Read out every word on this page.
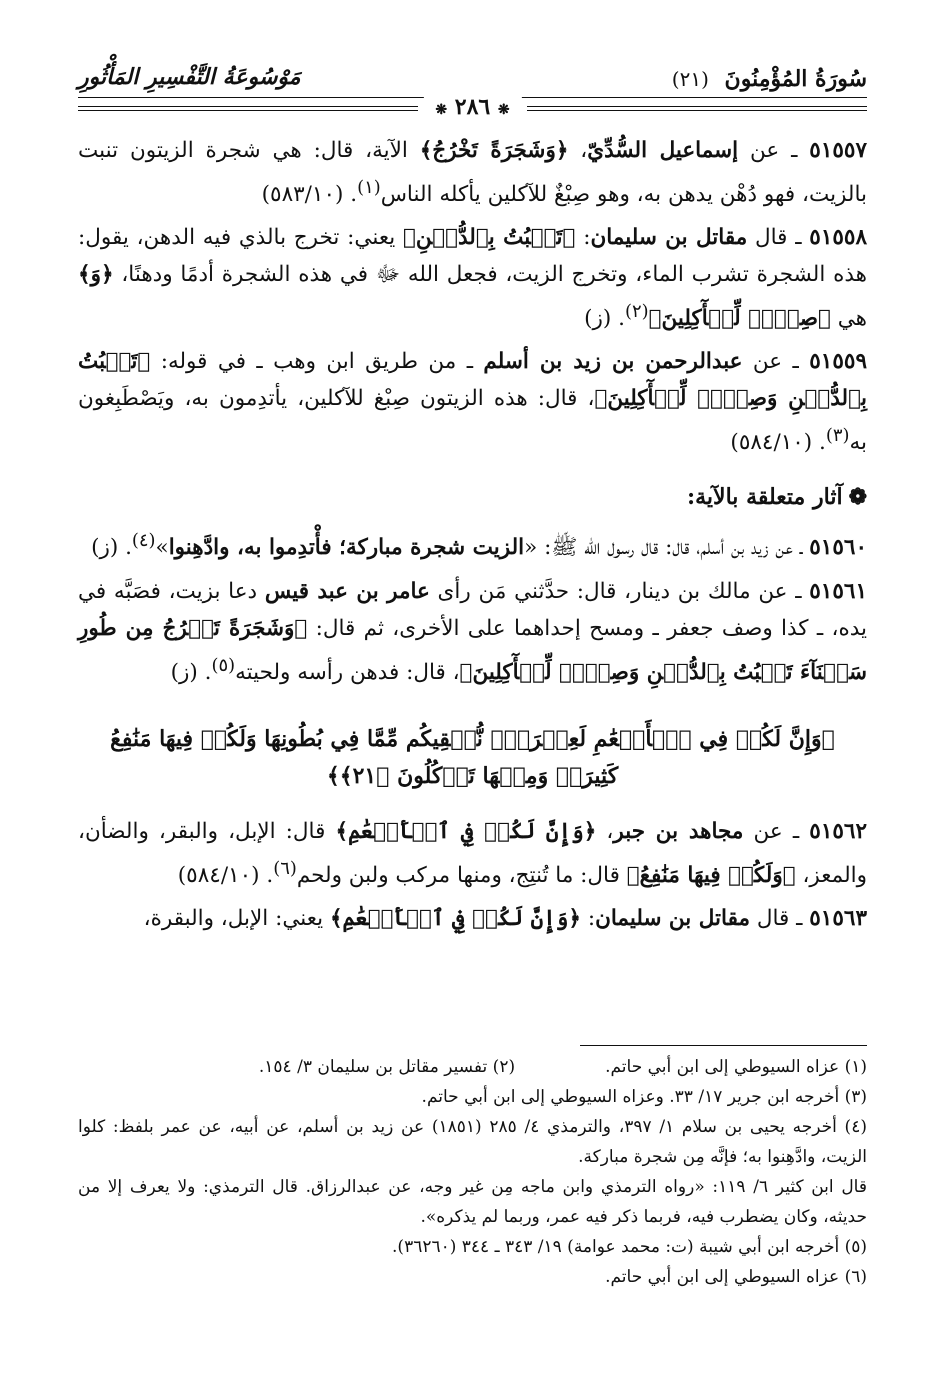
سُورَةُ المُؤْمِنُونَ (٢١)
مَوْسُوعَةُ التَّفْسِيرِ المَأْثُورِ
❋ ٢٨٦ ❋

٥١٥٥٧ ـ عن إسماعيل السُّدِّيّ، ﴿وَشَجَرَةً تَخْرُجُ﴾ الآية، قال: هي شجرة الزيتون تنبت بالزيت، فهو دُهْن يدهن به، وهو صِبْغٌ للآكلين يأكله الناس$^{(١)}$. (٥٨٣/١٠)

٥١٥٥٨ ـ قال مقاتل بن سليمان: ﴿تَنۢبُتُ بِٱلدُّهۡنِ﴾ يعني: تخرج بالذي فيه الدهن، يقول: هذه الشجرة تشرب الماء، وتخرج الزيت، فجعل الله ﷻ في هذه الشجرة أدمًا ودهنًا، ﴿وَ﴾هي ﴿صِبۡغٖ لِّلۡأٓكِلِينَ﴾$^{(٢)}$. (ز)

٥١٥٥٩ ـ عن عبدالرحمن بن زيد بن أسلم ـ من طريق ابن وهب ـ في قوله: ﴿تَنۢبُتُ بِٱلدُّهۡنِ وَصِبۡغٖ لِّلۡأٓكِلِينَ﴾، قال: هذه الزيتون صِبْغ للآكلين، يأتدِمون به، ويَصْطَبِغون به$^{(٣)}$. (٥٨٤/١٠)

❁آثار متعلقة بالآية:

٥١٥٦٠ ـ عن زيد بن أسلم، قال: قال رسول الله ﷺ: «الزيت شجرة مباركة؛ فأْتدِموا به، وادَّهِنوا»$^{(٤)}$. (ز)

٥١٥٦١ ـ عن مالك بن دينار، قال: حدَّثني مَن رأى عامر بن عبد قيس دعا بزيت، فصَبَّه في يده، ـ كذا وصف جعفر ـ ومسح إحداهما على الأخرى، ثم قال: ﴿وَشَجَرَةً تَخۡرُجُ مِن طُورِ سَيۡنَآءَ تَنۢبُتُ بِٱلدُّهۡنِ وَصِبۡغٖ لِّلۡأٓكِلِينَ﴾، قال: فدهن رأسه ولحيته$^{(٥)}$. (ز)

﴿وَإِنَّ لَكُمۡ فِي ٱلۡأَنۡعَٰمِ لَعِبۡرَةٗۖ نُّسۡقِيكُم مِّمَّا فِي بُطُونِهَا وَلَكُمۡ فِيهَا مَنَٰفِعُ كَثِيرَةٞ وَمِنۡهَا تَأۡكُلُونَ ﴿٢١﴾﴾

٥١٥٦٢ ـ عن مجاهد بن جبر، ﴿وَإِنَّ لَكُمۡ فِي ٱلۡأَنۡعَٰمِ﴾ قال: الإبل، والبقر، والضأن، والمعز، ﴿وَلَكُمۡ فِيهَا مَنَٰفِعُ﴾ قال: ما تُنتِج، ومنها مركب ولبن ولحم$^{(٦)}$. (٥٨٤/١٠)

٥١٥٦٣ ـ قال مقاتل بن سليمان: ﴿وَإِنَّ لَكُمۡ فِي ٱلۡأَنۡعَٰمِ﴾ يعني: الإبل، والبقرة،

(١) عزاه السيوطي إلى ابن أبي حاتم.
(٢) تفسير مقاتل بن سليمان ٣/ ١٥٤.

(٣) أخرجه ابن جرير ١٧/ ٣٣. وعزاه السيوطي إلى ابن أبي حاتم.

(٤) أخرجه يحيى بن سلام ١/ ٣٩٧، والترمذي ٤/ ٢٨٥ (١٨٥١) عن زيد بن أسلم، عن أبيه، عن عمر بلفظ: كلوا الزيت، وادَّهِنوا به؛ فإنَّه مِن شجرة مباركة.

قال ابن كثير ٦/ ١١٩: «رواه الترمذي وابن ماجه مِن غير وجه، عن عبدالرزاق. قال الترمذي: ولا يعرف إلا من حديثه، وكان يضطرب فيه، فربما ذكر فيه عمر، وربما لم يذكره».

(٥) أخرجه ابن أبي شيبة (ت: محمد عوامة) ١٩/ ٣٤٣ ـ ٣٤٤ (٣٦٢٦٠).

(٦) عزاه السيوطي إلى ابن أبي حاتم.
